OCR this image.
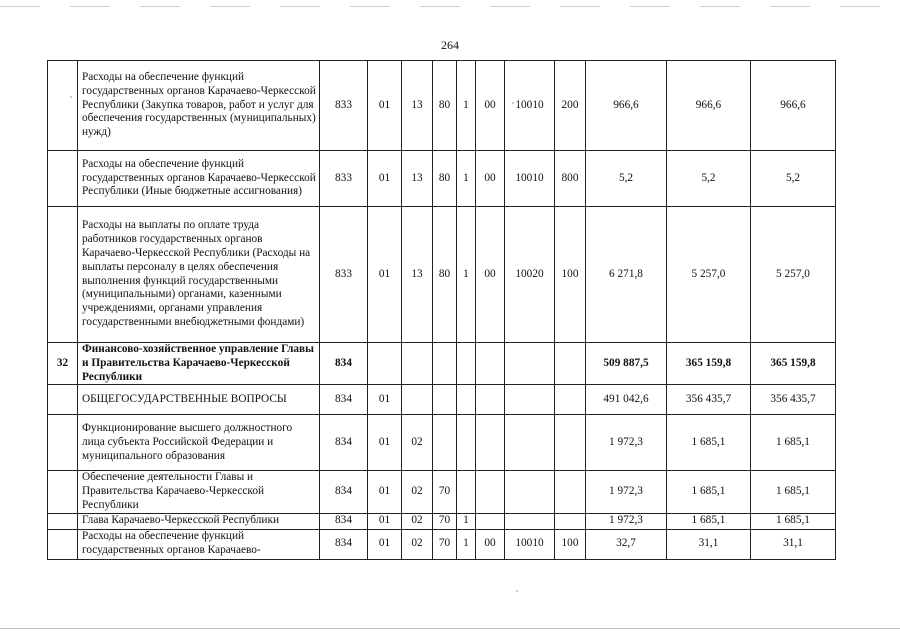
264
	Расходы на обеспечение функций государственных органов Карачаево-Черкесской Республики (Закупка товаров, работ и услуг для обеспечения государственных (муниципальных) нужд)	833	01	13	80	1	00	10010	200	966,6	966,6	966,6
	Расходы на обеспечение функций государственных органов Карачаево-Черкесской Республики (Иные бюджетные ассигнования)	833	01	13	80	1	00	10010	800	5,2	5,2	5,2
	Расходы на выплаты по оплате труда работников государственных органов Карачаево-Черкесской Республики (Расходы на выплаты персоналу в целях обеспечения выполнения функций государственными (муниципальными) органами, казенными учреждениями, органами управления государственными внебюджетными фондами)	833	01	13	80	1	00	10020	100	6 271,8	5 257,0	5 257,0
32	Финансово-хозяйственное управление Главы и Правительства Карачаево-Черкесской Республики	834								509 887,5	365 159,8	365 159,8
	ОБЩЕГОСУДАРСТВЕННЫЕ ВОПРОСЫ	834	01							491 042,6	356 435,7	356 435,7
	Функционирование высшего должностного лица субъекта Российской Федерации и муниципального образования	834	01	02						1 972,3	1 685,1	1 685,1
	Обеспечение деятельности Главы и Правительства Карачаево-Черкесской Республики	834	01	02	70					1 972,3	1 685,1	1 685,1
	Глава Карачаево-Черкесской Республики	834	01	02	70	1				1 972,3	1 685,1	1 685,1
	Расходы на обеспечение функций государственных органов Карачаево-	834	01	02	70	1	00	10010	100	32,7	31,1	31,1
